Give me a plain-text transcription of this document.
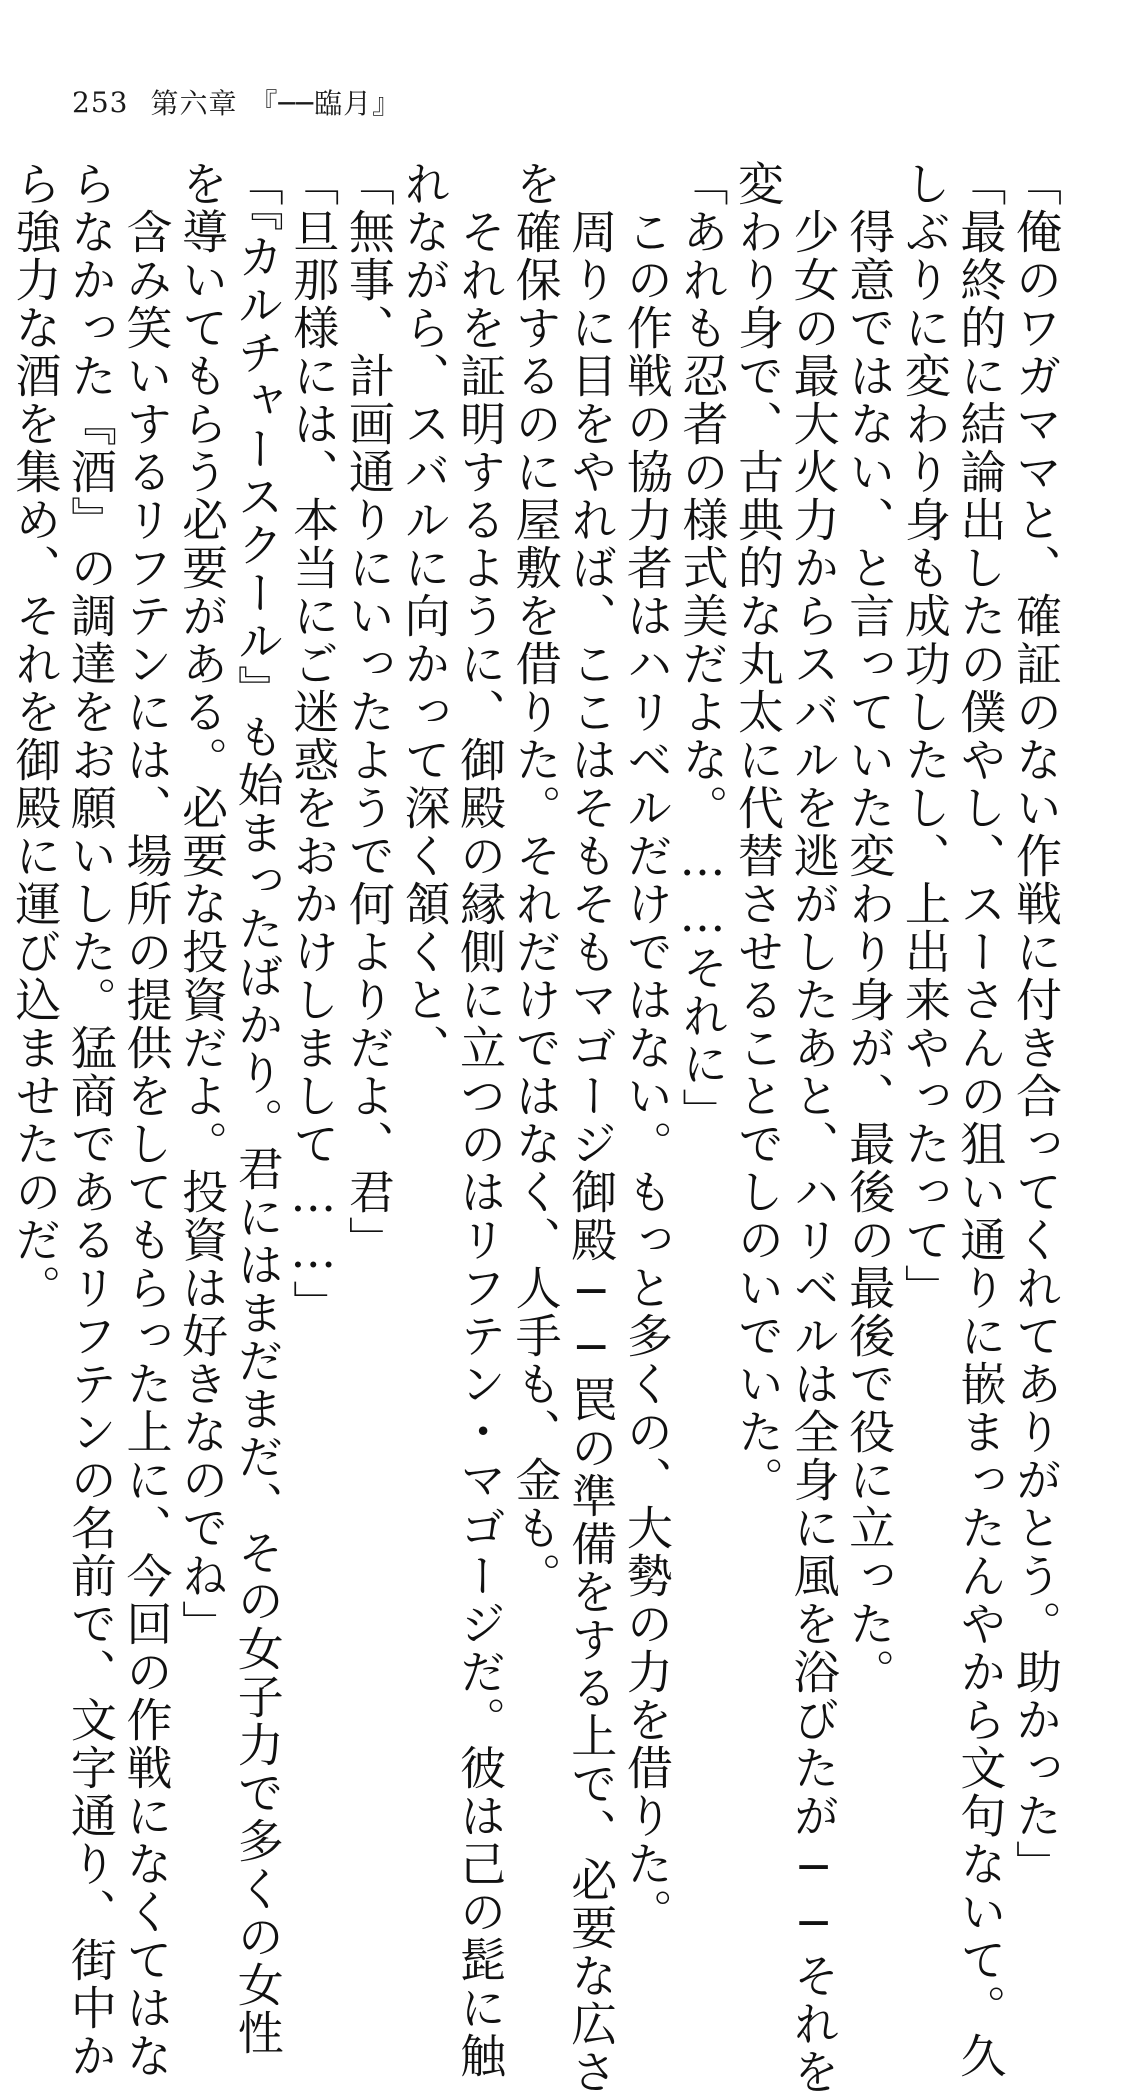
253 第六章 『──臨月』
「俺のワガママと、確証のない作戦に付き合ってくれてありがとう。助かった」
「最終的に結論出したの僕やし、スーさんの狙い通りに嵌まったんやから文句ないて。久
しぶりに変わり身も成功したし、上出来やったって」
　得意ではない、と言っていた変わり身が、最後の最後で役に立った。
　少女の最大火力からスバルを逃がしたあと、ハリベルは全身に風を浴びたが──それを
変わり身で、古典的な丸太に代替させることでしのいでいた。
「あれも忍者の様式美だよな。……それに」
　この作戦の協力者はハリベルだけではない。もっと多くの、大勢の力を借りた。
　周りに目をやれば、ここはそもそもマゴージ御殿──罠の準備をする上で、必要な広さ
を確保するのに屋敷を借りた。それだけではなく、人手も、金も。
　それを証明するように、御殿の縁側に立つのはリフテン・マゴージだ。彼は己の髭に触
れながら、スバルに向かって深く頷くと、
「無事、計画通りにいったようで何よりだよ、君」
「旦那様には、本当にご迷惑をおかけしまして……」
「『カルチャースクール』も始まったばかり。君にはまだまだ、その女子力で多くの女性
を導いてもらう必要がある。必要な投資だよ。投資は好きなのでね」
　含み笑いするリフテンには、場所の提供をしてもらった上に、今回の作戦になくてはな
らなかった『酒』の調達をお願いした。猛商であるリフテンの名前で、文字通り、街中か
ら強力な酒を集め、それを御殿に運び込ませたのだ。
